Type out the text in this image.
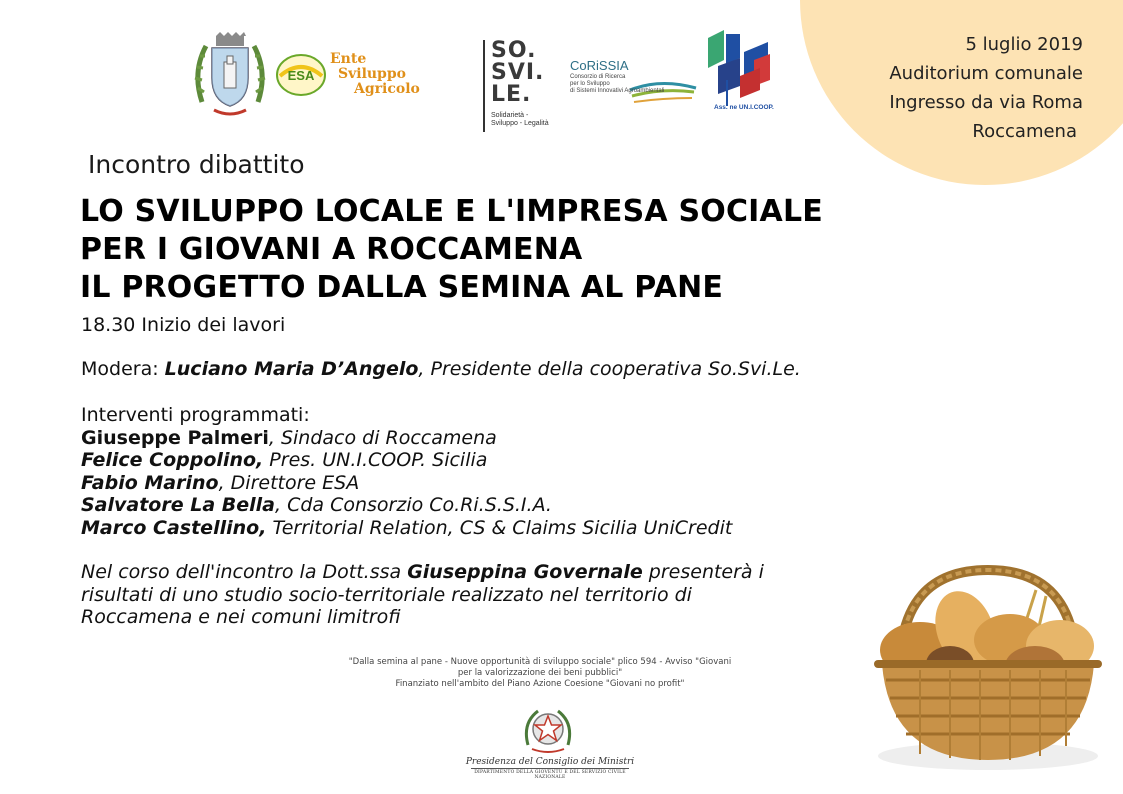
5 luglio 2019
Auditorium comunale
Ingresso da via Roma
Roccamena
ESA
Ente
Sviluppo
Agricolo
SO.
SVI.
LE.
Solidarietà -
Sviluppo - Legalità
CoRiSSIA
Consorzio di Ricerca
per lo Sviluppo
di Sistemi Innovativi Agroambientali
Ass. ne UN.I.COOP.
Incontro dibattito
LO SVILUPPO LOCALE E L'IMPRESA SOCIALE
PER I GIOVANI A ROCCAMENA
IL PROGETTO DALLA SEMINA AL PANE
18.30 Inizio dei lavori
Modera: Luciano Maria D’Angelo, Presidente della cooperativa So.Svi.Le.
Interventi programmati:
Giuseppe Palmeri, Sindaco di Roccamena
Felice Coppolino, Pres. UN.I.COOP. Sicilia
Fabio Marino, Direttore ESA
Salvatore La Bella, Cda Consorzio Co.Ri.S.S.I.A.
Marco Castellino, Territorial Relation, CS & Claims Sicilia UniCredit
Nel corso dell'incontro la Dott.ssa Giuseppina Governale presenterà i
risultati di uno studio socio-territoriale realizzato nel territorio di
Roccamena e nei comuni limitrofi
"Dalla semina al pane - Nuove opportunità di sviluppo sociale" plico 594 - Avviso "Giovani
per la valorizzazione dei beni pubblici"
Finanziato nell'ambito del Piano Azione Coesione "Giovani no profit"
Presidenza del Consiglio dei Ministri
DIPARTIMENTO DELLA GIOVENTÙ E DEL SERVIZIO CIVILE NAZIONALE
